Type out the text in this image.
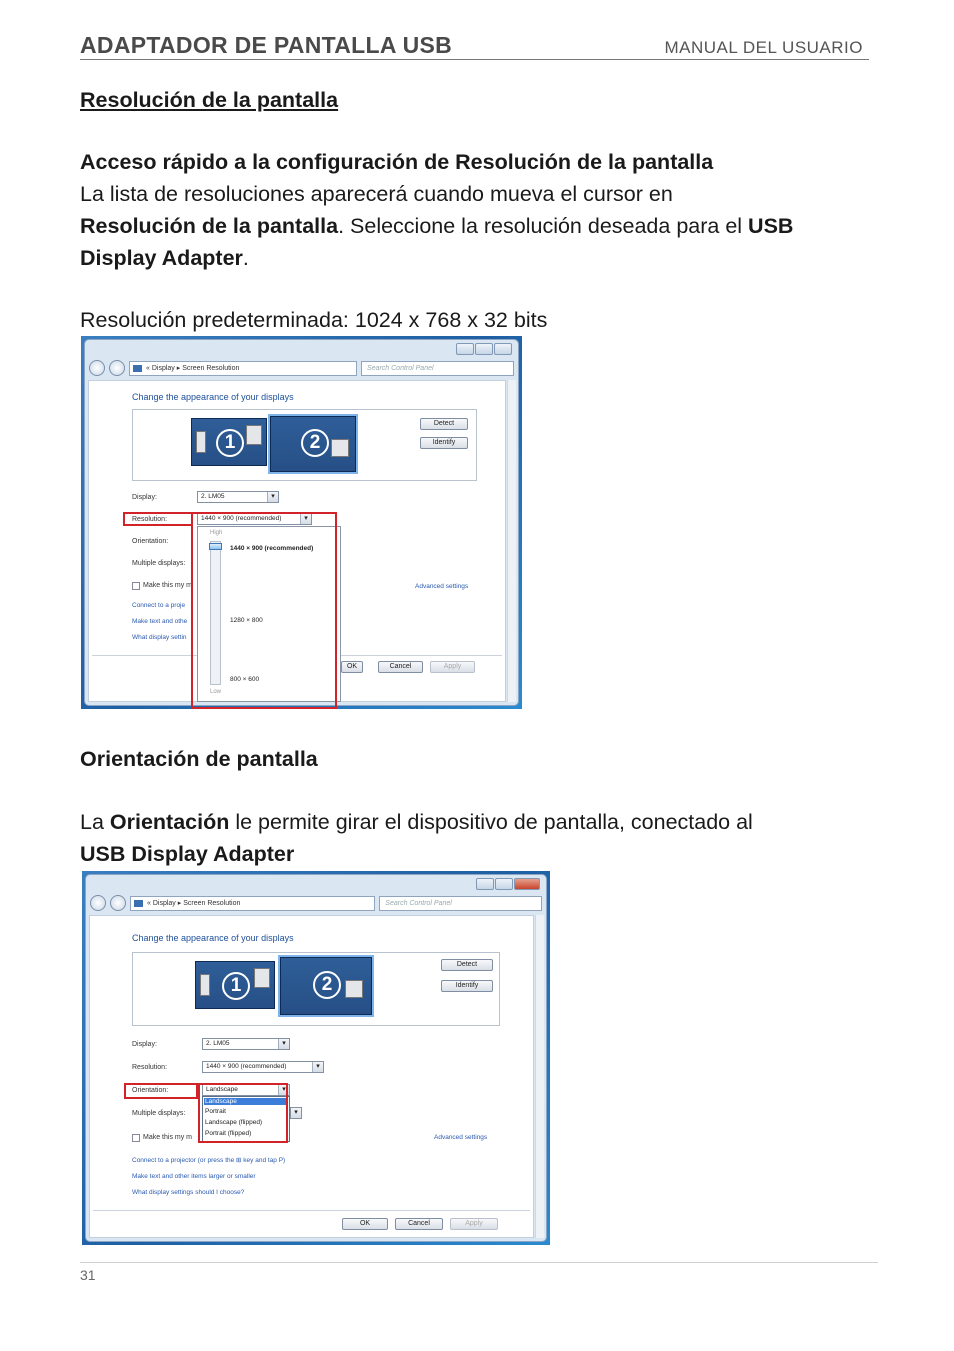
ADAPTADOR DE PANTALLA USB	MANUAL DEL USUARIO
Resolución de la pantalla
Acceso rápido a la configuración de Resolución de la pantalla
La lista de resoluciones aparecerá cuando mueva el cursor en
Resolución de la pantalla. Seleccione la resolución deseada para el USB
Display Adapter.
Resolución predeterminada: 1024 x 768 x 32 bits
« Display ▸ Screen Resolution	Search Control Panel
Change the appearance of your displays
1	2
Detect
Identify
Display:	2. LM05 ▾
Resolution:	1440 × 900 (recommended) ▾
Orientation:
Multiple displays:
Make this my m	Advanced settings
Connect to a proje
Make text and othe
What display settin
OK	Cancel	Apply
High
1440 × 900 (recommended)
1280 × 800
800 × 600
Low
Orientación de pantalla
La Orientación le permite girar el dispositivo de pantalla, conectado al
USB Display Adapter
« Display ▸ Screen Resolution	Search Control Panel
Change the appearance of your displays
1	2
Detect
Identify
Display:	2. LM05 ▾
Resolution:	1440 × 900 (recommended) ▾
Orientation:	Landscape ▾
Multiple displays:
▾
Make this my m	Advanced settings
Connect to a projector (or press the ⊞ key and tap P)
Make text and other items larger or smaller
What display settings should I choose?
OK	Cancel	Apply
Landscape
Portrait
Landscape (flipped)
Portrait (flipped)
31
